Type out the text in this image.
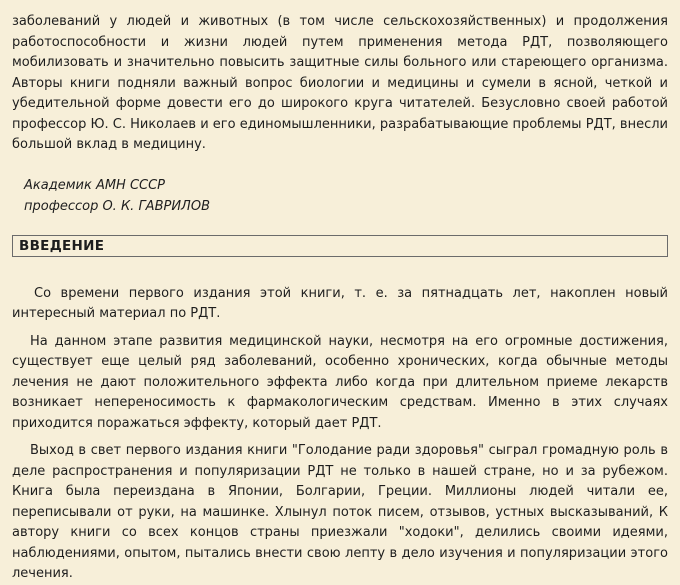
заболеваний у людей и животных (в том числе сельскохозяйственных) и продолжения работоспособности и жизни людей путем применения метода РДТ, позволяющего мобилизовать и значительно повысить защитные силы больного или стареющего организма. Авторы книги подняли важный вопрос биологии и медицины и сумели в ясной, четкой и убедительной форме довести его до широкого круга читателей. Безусловно своей работой профессор Ю. С. Николаев и его единомышленники, разрабатывающие проблемы РДТ, внесли большой вклад в медицину.

Академик АМН СССР
профессор О. К. ГАВРИЛОВ
ВВЕДЕНИЕ

Со времени первого издания этой книги, т. е. за пятнадцать лет, накоплен новый интересный материал по РДТ.

На данном этапе развития медицинской науки, несмотря на его огромные достижения, существует еще целый ряд заболеваний, особенно хронических, когда обычные методы лечения не дают положительного эффекта либо когда при длительном приеме лекарств возникает непереносимость к фармакологическим средствам. Именно в этих случаях приходится поражаться эффекту, который дает РДТ.

Выход в свет первого издания книги "Голодание ради здоровья" сыграл громадную роль в деле распространения и популяризации РДТ не только в нашей стране, но и за рубежом. Книга была переиздана в Японии, Болгарии, Греции. Миллионы людей читали ее, переписывали от руки, на машинке. Хлынул поток писем, отзывов, устных высказываний, К автору книги со всех концов страны приезжали "ходоки", делились своими идеями, наблюдениями, опытом, пытались внести свою лепту в дело изучения и популяризации этого лечения.
